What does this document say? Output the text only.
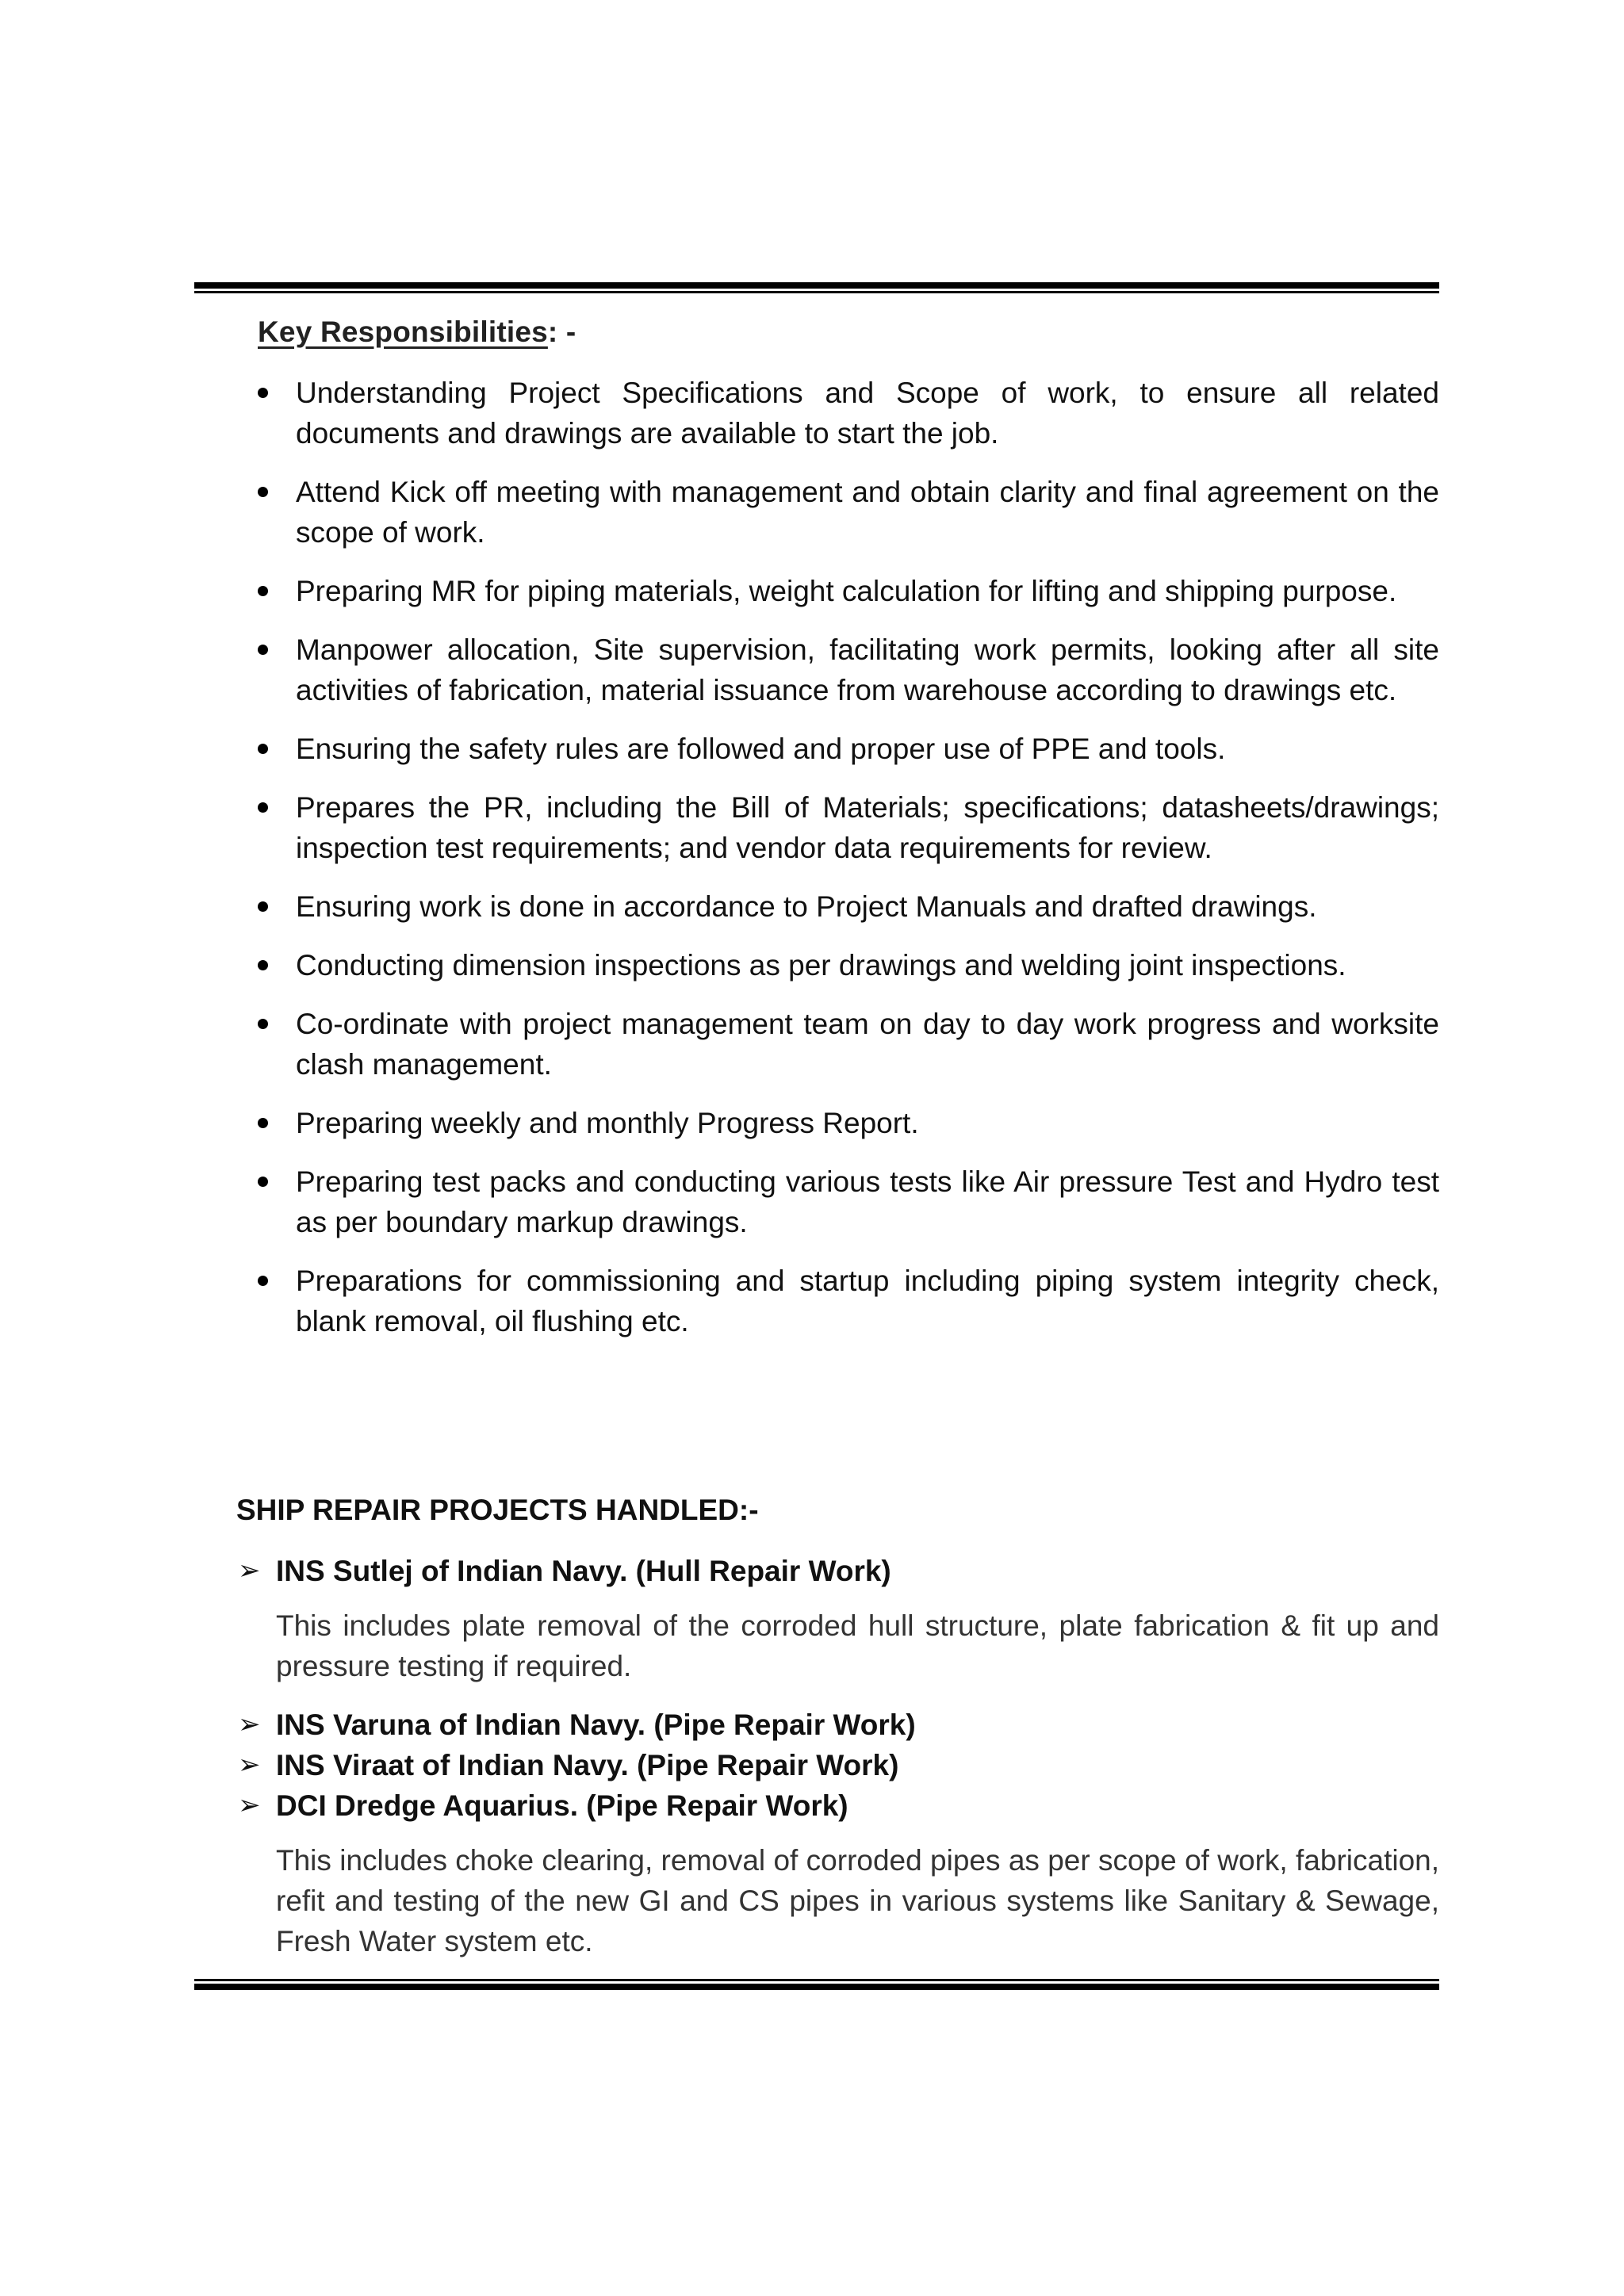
Key Responsibilities: -
Understanding Project Specifications and Scope of work, to ensure all related documents and drawings are available to start the job.
Attend Kick off meeting with management and obtain clarity and final agreement on the scope of work.
Preparing MR for piping materials, weight calculation for lifting and shipping purpose.
Manpower allocation, Site supervision, facilitating work permits, looking after all site activities of fabrication, material issuance from warehouse according to drawings etc.
Ensuring the safety rules are followed and proper use of PPE and tools.
Prepares the PR, including the Bill of Materials; specifications; datasheets/drawings; inspection test requirements; and vendor data requirements for review.
Ensuring work is done in accordance to Project Manuals and drafted drawings.
Conducting dimension inspections as per drawings and welding joint inspections.
Co-ordinate with project management team on day to day work progress and worksite clash management.
Preparing weekly and monthly Progress Report.
Preparing test packs and conducting various tests like Air pressure Test and Hydro test as per boundary markup drawings.
Preparations for commissioning and startup including piping system integrity check, blank removal, oil flushing etc.
SHIP REPAIR PROJECTS HANDLED:-
➢ INS Sutlej of Indian Navy. (Hull Repair Work)
This includes plate removal of the corroded hull structure, plate fabrication & fit up and pressure testing if required.
➢ INS Varuna of Indian Navy. (Pipe Repair Work)
➢ INS Viraat of Indian Navy. (Pipe Repair Work)
➢ DCI Dredge Aquarius. (Pipe Repair Work)
This includes choke clearing, removal of corroded pipes as per scope of work, fabrication, refit and testing of the new GI and CS pipes in various systems like Sanitary & Sewage, Fresh Water system etc.
